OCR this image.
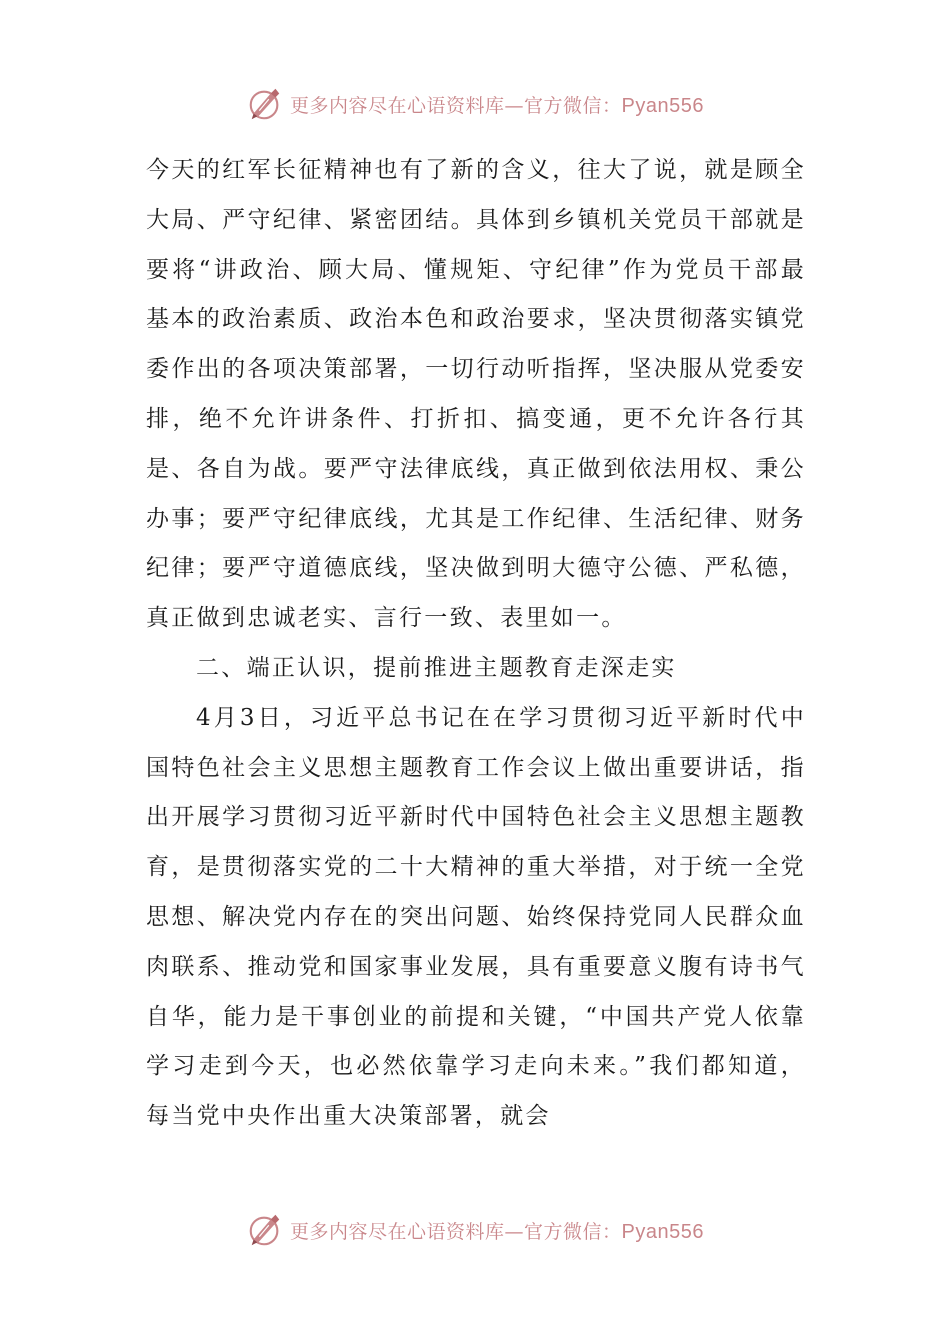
更多内容尽在心语资料库—官方微信：Pyan556

今天的红军长征精神也有了新的含义，往大了说，就是顾全大局、严守纪律、紧密团结。具体到乡镇机关党员干部就是要将“讲政治、顾大局、懂规矩、守纪律”作为党员干部最基本的政治素质、政治本色和政治要求，坚决贯彻落实镇党委作出的各项决策部署，一切行动听指挥，坚决服从党委安排，绝不允许讲条件、打折扣、搞变通，更不允许各行其是、各自为战。要严守法律底线，真正做到依法用权、秉公办事；要严守纪律底线，尤其是工作纪律、生活纪律、财务纪律；要严守道德底线，坚决做到明大德守公德、严私德，真正做到忠诚老实、言行一致、表里如一。

二、端正认识，提前推进主题教育走深走实

4月3日，习近平总书记在在学习贯彻习近平新时代中国特色社会主义思想主题教育工作会议上做出重要讲话，指出开展学习贯彻习近平新时代中国特色社会主义思想主题教育，是贯彻落实党的二十大精神的重大举措，对于统一全党思想、解决党内存在的突出问题、始终保持党同人民群众血肉联系、推动党和国家事业发展，具有重要意义腹有诗书气自华，能力是干事创业的前提和关键，“中国共产党人依靠学习走到今天，也必然依靠学习走向未来。”我们都知道，每当党中央作出重大决策部署，就会

更多内容尽在心语资料库—官方微信：Pyan556
